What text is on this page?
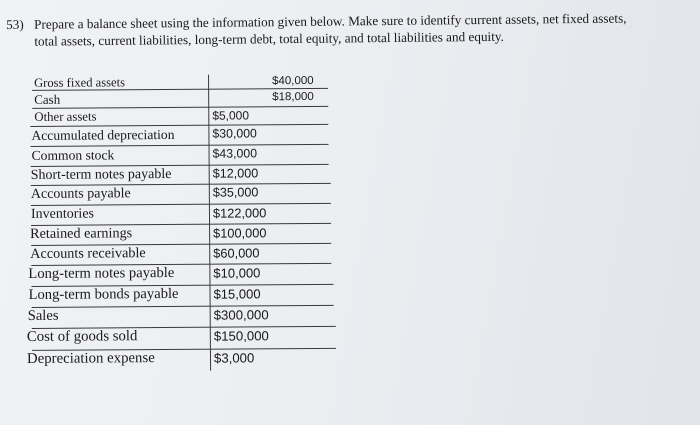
53) Prepare a balance sheet using the information given below. Make sure to identify current assets, net fixed assets,
total assets, current liabilities, long-term debt, total equity, and total liabilities and equity.
Gross fixed assets	$40,000
Cash	$18,000
Other assets	$5,000
Accumulated depreciation	$30,000
Common stock	$43,000
Short-term notes payable	$12,000
Accounts payable	$35,000
Inventories	$122,000
Retained earnings	$100,000
Accounts receivable	$60,000
Long-term notes payable	$10,000
Long-term bonds payable	$15,000
Sales	$300,000
Cost of goods sold	$150,000
Depreciation expense	$3,000
